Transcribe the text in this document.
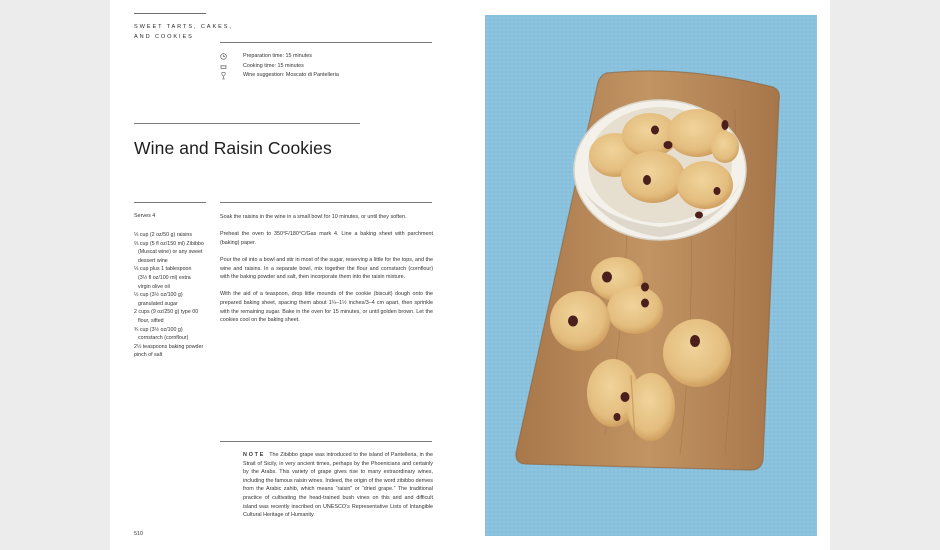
SWEET TARTS, CAKES,
AND COOKIES
Preparation time: 15 minutes
Cooking time: 15 minutes
Wine suggestion: Moscato di Pantelleria
Wine and Raisin Cookies
Serves 4
⅓ cup (2 oz/50 g) raisins
⅔ cup (5 fl oz/150 ml) Zibibbo
(Muscat wine) or any sweet
dessert wine
⅓ cup plus 1 tablespoon
(3½ fl oz/100 ml) extra
virgin olive oil
½ cup (3½ oz/100 g)
granulated sugar
2 cups (9 oz/250 g) type 00
flour, sifted
¾ cup (3½ oz/100 g)
cornstarch (cornflour)
2½ teaspoons baking powder
pinch of salt

Soak the raisins in the wine in a small bowl for 10 minutes, or until they soften.

Preheat the oven to 350°F/180°C/Gas mark 4. Line a baking sheet with parchment (baking) paper.

Pour the oil into a bowl and stir in most of the sugar, reserving a little for the tops, and the wine and raisins. In a separate bowl, mix together the flour and cornstarch (cornflour) with the baking powder and salt, then incorporate them into the raisin mixture.

With the aid of a teaspoon, drop little mounds of the cookie (biscuit) dough onto the prepared baking sheet, spacing them about 1¼–1½ inches/3–4 cm apart, then sprinkle with the remaining sugar. Bake in the oven for 15 minutes, or until golden brown. Let the cookies cool on the baking sheet.

NOTE The Zibibbo grape was introduced to the island of Pantelleria, in the Strait of Sicily, in very ancient times, perhaps by the Phoenicians and certainly by the Arabs. This variety of grape gives rise to many extraordinary wines, including the famous raisin wines. Indeed, the origin of the word zibibbo derives from the Arabic zahib, which means “raisin” or “dried grape.” The traditional practice of cultivating the head-trained bush vines on this arid and difficult island was recently inscribed on UNESCO’s Representative Lists of Intangible Cultural Heritage of Humanity.
510
